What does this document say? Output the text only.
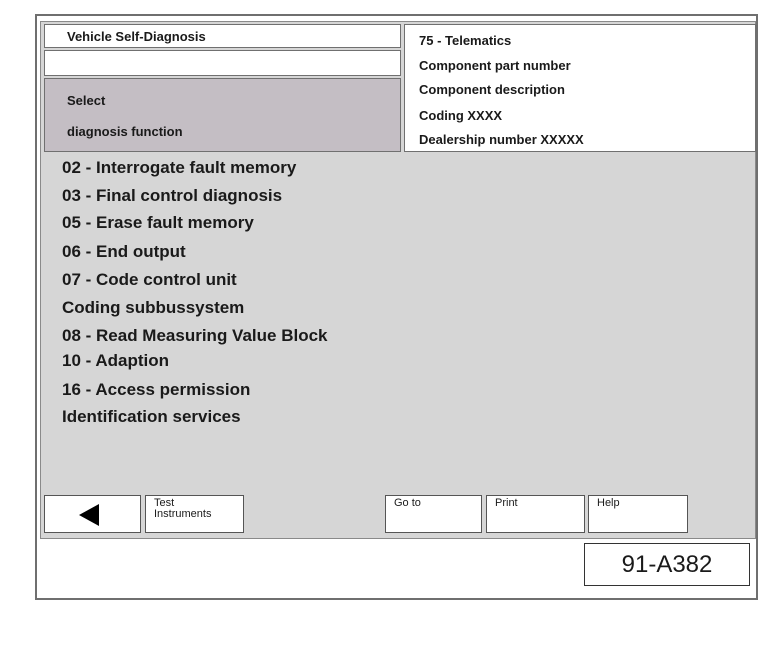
Vehicle Self-Diagnosis
Select
diagnosis function
75 - Telematics
Component part number
Component description
Coding XXXX
Dealership number XXXXX
02 - Interrogate fault memory
03 - Final control diagnosis
05 - Erase fault memory
06 - End output
07 - Code control unit
Coding subbussystem
08 - Read Measuring Value Block
10 - Adaption
16 - Access permission
Identification services
Test
Instruments
Go to	Print	Help
91-A382
